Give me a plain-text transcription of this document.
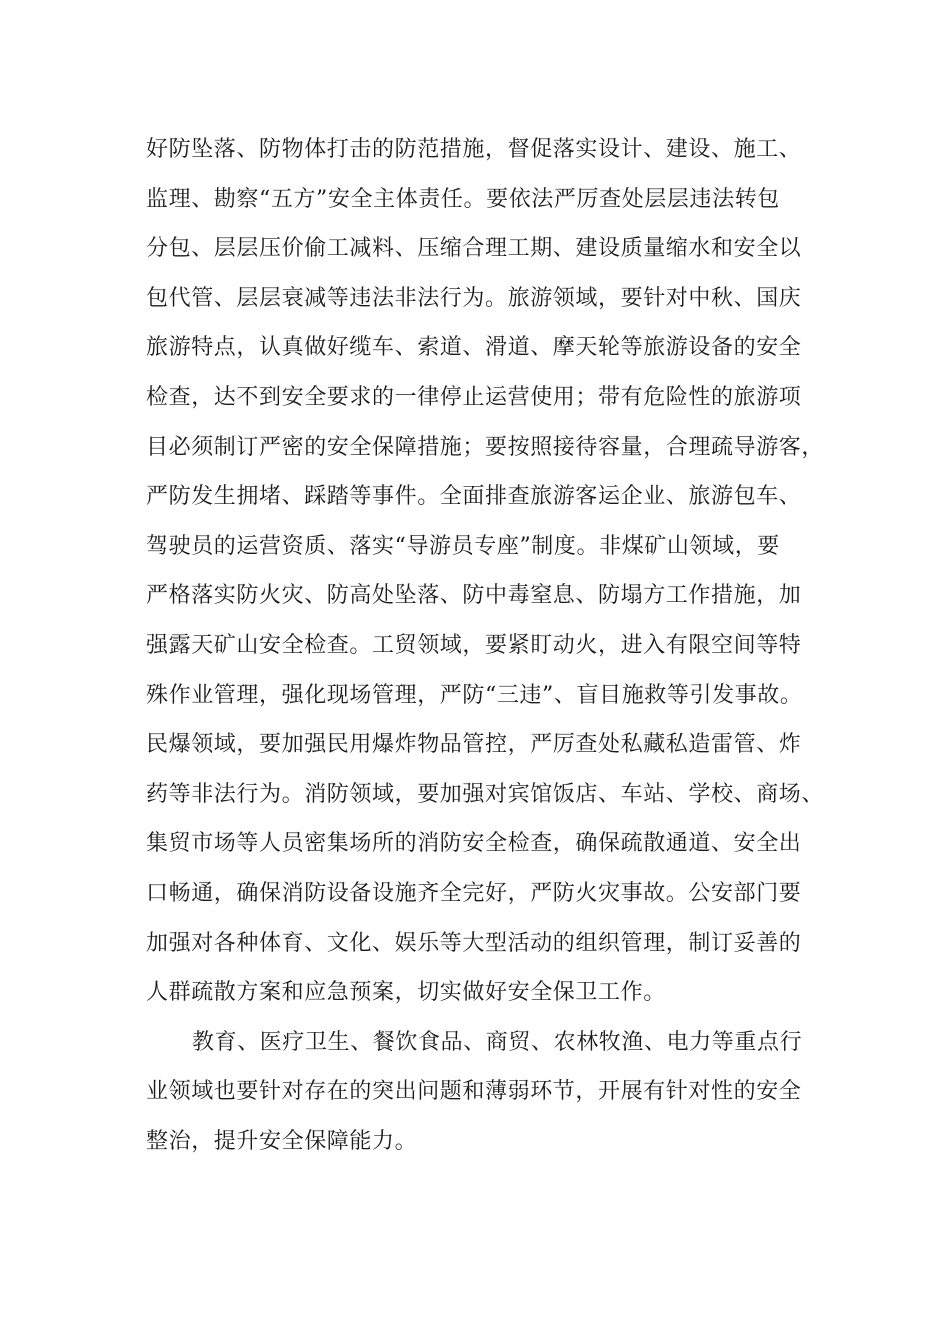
好防坠落、防物体打击的防范措施，督促落实设计、建设、施工、
监理、勘察“五方”安全主体责任。要依法严厉查处层层违法转包
分包、层层压价偷工减料、压缩合理工期、建设质量缩水和安全以
包代管、层层衰减等违法非法行为。旅游领域，要针对中秋、国庆
旅游特点，认真做好缆车、索道、滑道、摩天轮等旅游设备的安全
检查，达不到安全要求的一律停止运营使用；带有危险性的旅游项
目必须制订严密的安全保障措施；要按照接待容量，合理疏导游客，
严防发生拥堵、踩踏等事件。全面排查旅游客运企业、旅游包车、
驾驶员的运营资质、落实“导游员专座”制度。非煤矿山领域，要
严格落实防火灾、防高处坠落、防中毒窒息、防塌方工作措施，加
强露天矿山安全检查。工贸领域，要紧盯动火，进入有限空间等特
殊作业管理，强化现场管理，严防“三违”、盲目施救等引发事故。
民爆领域，要加强民用爆炸物品管控，严厉查处私藏私造雷管、炸
药等非法行为。消防领域，要加强对宾馆饭店、车站、学校、商场、
集贸市场等人员密集场所的消防安全检查，确保疏散通道、安全出
口畅通，确保消防设备设施齐全完好，严防火灾事故。公安部门要
加强对各种体育、文化、娱乐等大型活动的组织管理，制订妥善的
人群疏散方案和应急预案，切实做好安全保卫工作。
教育、医疗卫生、餐饮食品、商贸、农林牧渔、电力等重点行
业领域也要针对存在的突出问题和薄弱环节，开展有针对性的安全
整治，提升安全保障能力。
